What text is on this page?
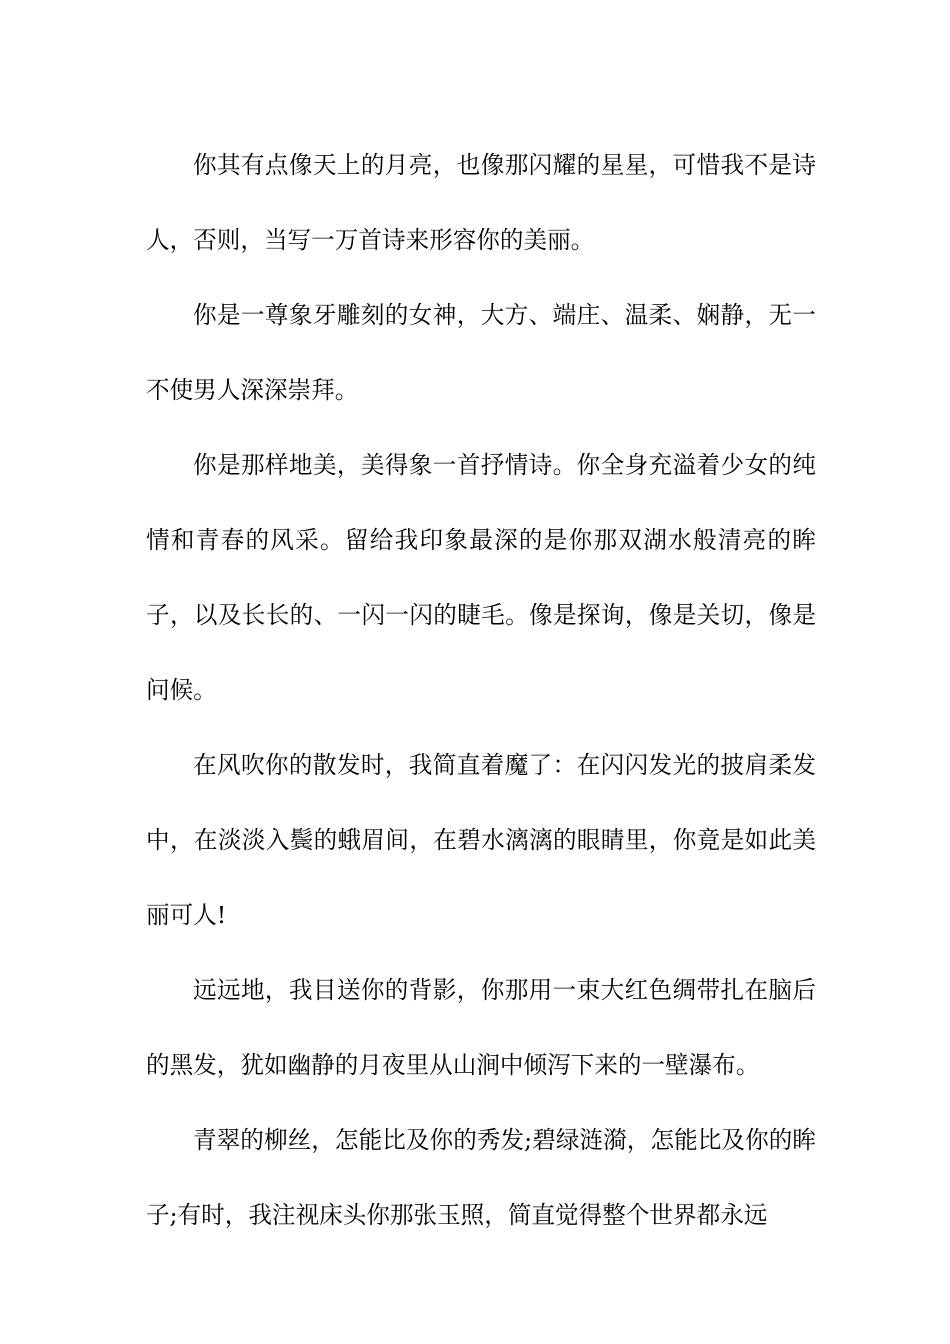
你其有点像天上的月亮，也像那闪耀的星星，可惜我不是诗人，否则，当写一万首诗来形容你的美丽。

你是一尊象牙雕刻的女神，大方、端庄、温柔、娴静，无一不使男人深深崇拜。

你是那样地美，美得象一首抒情诗。你全身充溢着少女的纯情和青春的风采。留给我印象最深的是你那双湖水般清亮的眸子，以及长长的、一闪一闪的睫毛。像是探询，像是关切，像是问候。

在风吹你的散发时，我简直着魔了：在闪闪发光的披肩柔发中，在淡淡入鬓的蛾眉间，在碧水漓漓的眼睛里，你竟是如此美丽可人!

远远地，我目送你的背影，你那用一束大红色绸带扎在脑后的黑发，犹如幽静的月夜里从山涧中倾泻下来的一壁瀑布。

青翠的柳丝，怎能比及你的秀发;碧绿涟漪，怎能比及你的眸子;有时，我注视床头你那张玉照，简直觉得整个世界都永远
